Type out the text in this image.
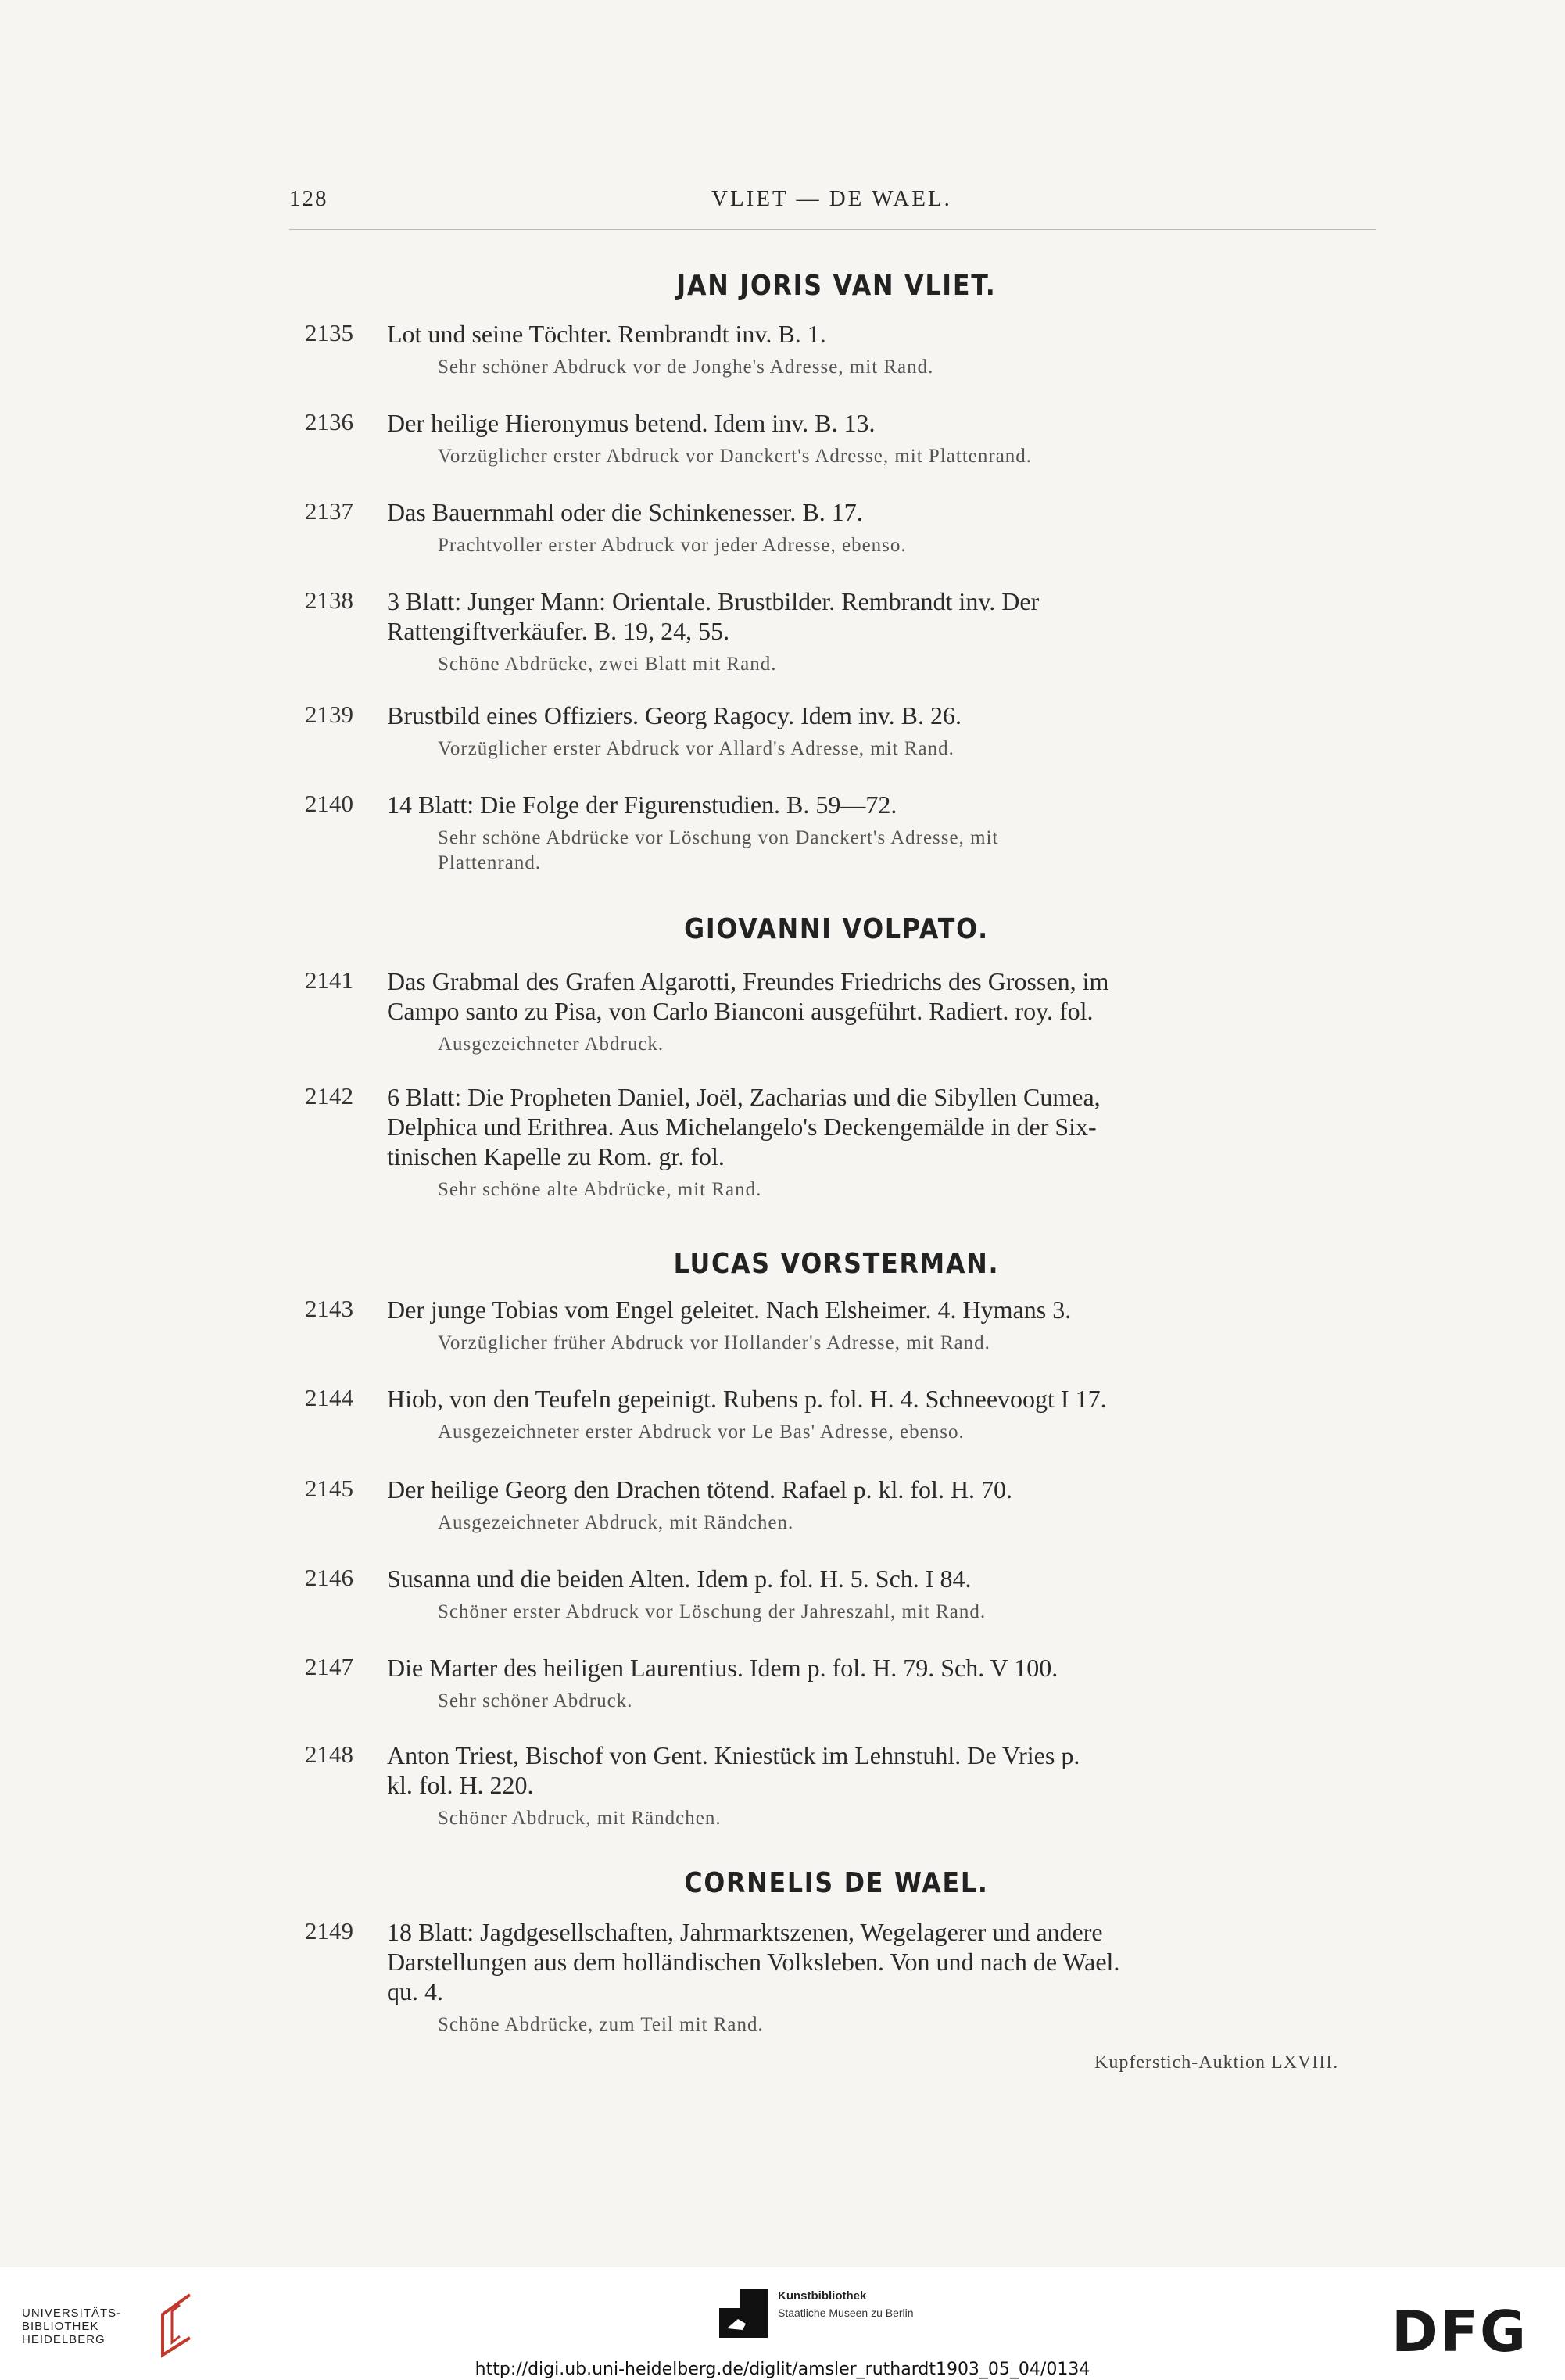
128	VLIET — DE WAEL.
JAN JORIS VAN VLIET.
2135	Lot und seine Töchter. Rembrandt inv. B. 1.
Sehr schöner Abdruck vor de Jonghe's Adresse, mit Rand.
2136	Der heilige Hieronymus betend. Idem inv. B. 13.
Vorzüglicher erster Abdruck vor Danckert's Adresse, mit Plattenrand.
2137	Das Bauernmahl oder die Schinkenesser. B. 17.
Prachtvoller erster Abdruck vor jeder Adresse, ebenso.
2138	3 Blatt: Junger Mann: Orientale. Brustbilder. Rembrandt inv. Der
Rattengiftverkäufer. B. 19, 24, 55.
Schöne Abdrücke, zwei Blatt mit Rand.
2139	Brustbild eines Offiziers. Georg Ragocy. Idem inv. B. 26.
Vorzüglicher erster Abdruck vor Allard's Adresse, mit Rand.
2140	14 Blatt: Die Folge der Figurenstudien. B. 59—72.
Sehr schöne Abdrücke vor Löschung von Danckert's Adresse, mit
Plattenrand.
GIOVANNI VOLPATO.
2141	Das Grabmal des Grafen Algarotti, Freundes Friedrichs des Grossen, im
Campo santo zu Pisa, von Carlo Bianconi ausgeführt. Radiert. roy. fol.
Ausgezeichneter Abdruck.
2142	6 Blatt: Die Propheten Daniel, Joël, Zacharias und die Sibyllen Cumea,
Delphica und Erithrea. Aus Michelangelo's Deckengemälde in der Six-
tinischen Kapelle zu Rom. gr. fol.
Sehr schöne alte Abdrücke, mit Rand.
LUCAS VORSTERMAN.
2143	Der junge Tobias vom Engel geleitet. Nach Elsheimer. 4. Hymans 3.
Vorzüglicher früher Abdruck vor Hollander's Adresse, mit Rand.
2144	Hiob, von den Teufeln gepeinigt. Rubens p. fol. H. 4. Schneevoogt I 17.
Ausgezeichneter erster Abdruck vor Le Bas' Adresse, ebenso.
2145	Der heilige Georg den Drachen tötend. Rafael p. kl. fol. H. 70.
Ausgezeichneter Abdruck, mit Rändchen.
2146	Susanna und die beiden Alten. Idem p. fol. H. 5. Sch. I 84.
Schöner erster Abdruck vor Löschung der Jahreszahl, mit Rand.
2147	Die Marter des heiligen Laurentius. Idem p. fol. H. 79. Sch. V 100.
Sehr schöner Abdruck.
2148	Anton Triest, Bischof von Gent. Kniestück im Lehnstuhl. De Vries p.
kl. fol. H. 220.
Schöner Abdruck, mit Rändchen.
CORNELIS DE WAEL.
2149	18 Blatt: Jagdgesellschaften, Jahrmarktszenen, Wegelagerer und andere
Darstellungen aus dem holländischen Volksleben. Von und nach de Wael.
qu. 4.
Schöne Abdrücke, zum Teil mit Rand.
Kupferstich-Auktion LXVIII.
UNIVERSITÄTS-
BIBLIOTHEK
HEIDELBERG
Kunstbibliothek
Staatliche Museen zu Berlin	DFG
http://digi.ub.uni-heidelberg.de/diglit/amsler_ruthardt1903_05_04/0134
